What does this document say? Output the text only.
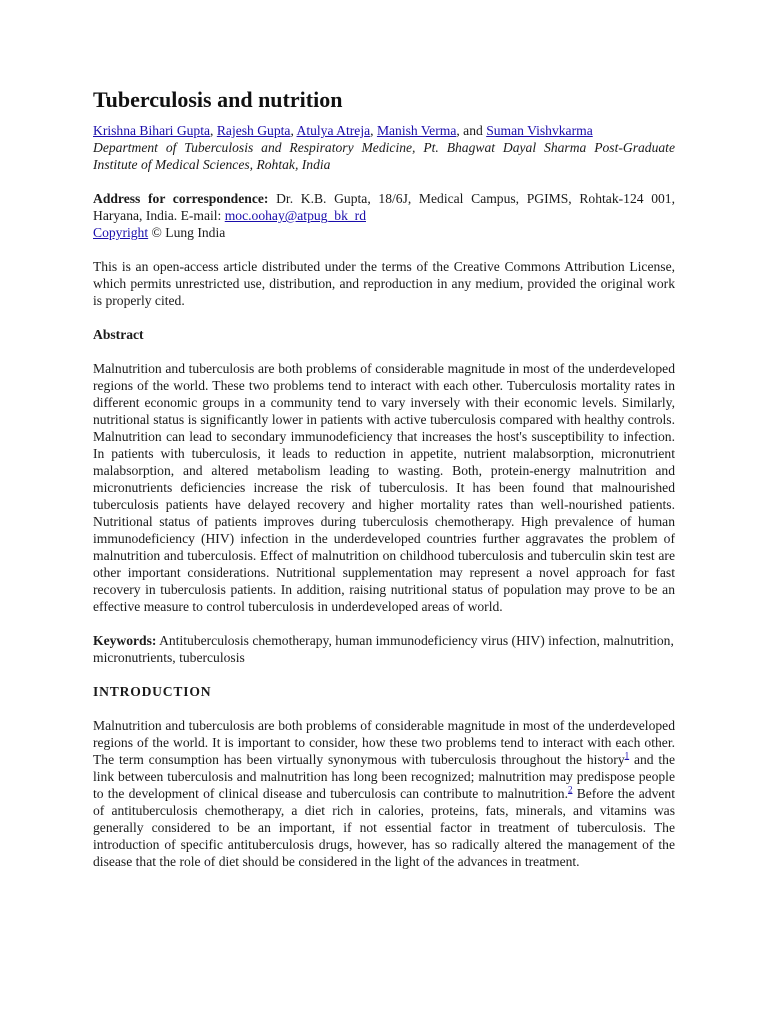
Tuberculosis and nutrition

Krishna Bihari Gupta, Rajesh Gupta, Atulya Atreja, Manish Verma, and Suman Vishvkarma

Department of Tuberculosis and Respiratory Medicine, Pt. Bhagwat Dayal Sharma Post-Graduate Institute of Medical Sciences, Rohtak, India

Address for correspondence: Dr. K.B. Gupta, 18/6J, Medical Campus, PGIMS, Rohtak-124 001, Haryana, India. E-mail: moc.oohay@atpug_bk_rd

Copyright © Lung India

This is an open-access article distributed under the terms of the Creative Commons Attribution License, which permits unrestricted use, distribution, and reproduction in any medium, provided the original work is properly cited.

Abstract

Malnutrition and tuberculosis are both problems of considerable magnitude in most of the underdeveloped regions of the world. These two problems tend to interact with each other. Tuberculosis mortality rates in different economic groups in a community tend to vary inversely with their economic levels. Similarly, nutritional status is significantly lower in patients with active tuberculosis compared with healthy controls. Malnutrition can lead to secondary immunodeficiency that increases the host's susceptibility to infection. In patients with tuberculosis, it leads to reduction in appetite, nutrient malabsorption, micronutrient malabsorption, and altered metabolism leading to wasting. Both, protein-energy malnutrition and micronutrients deficiencies increase the risk of tuberculosis. It has been found that malnourished tuberculosis patients have delayed recovery and higher mortality rates than well-nourished patients. Nutritional status of patients improves during tuberculosis chemotherapy. High prevalence of human immunodeficiency (HIV) infection in the underdeveloped countries further aggravates the problem of malnutrition and tuberculosis. Effect of malnutrition on childhood tuberculosis and tuberculin skin test are other important considerations. Nutritional supplementation may represent a novel approach for fast recovery in tuberculosis patients. In addition, raising nutritional status of population may prove to be an effective measure to control tuberculosis in underdeveloped areas of world.

Keywords: Antituberculosis chemotherapy, human immunodeficiency virus (HIV) infection, malnutrition, micronutrients, tuberculosis

INTRODUCTION

Malnutrition and tuberculosis are both problems of considerable magnitude in most of the underdeveloped regions of the world. It is important to consider, how these two problems tend to interact with each other. The term consumption has been virtually synonymous with tuberculosis throughout the history$^1$ and the link between tuberculosis and malnutrition has long been recognized; malnutrition may predispose people to the development of clinical disease and tuberculosis can contribute to malnutrition.$^2$ Before the advent of antituberculosis chemotherapy, a diet rich in calories, proteins, fats, minerals, and vitamins was generally considered to be an important, if not essential factor in treatment of tuberculosis. The introduction of specific antituberculosis drugs, however, has so radically altered the management of the disease that the role of diet should be considered in the light of the advances in treatment.
